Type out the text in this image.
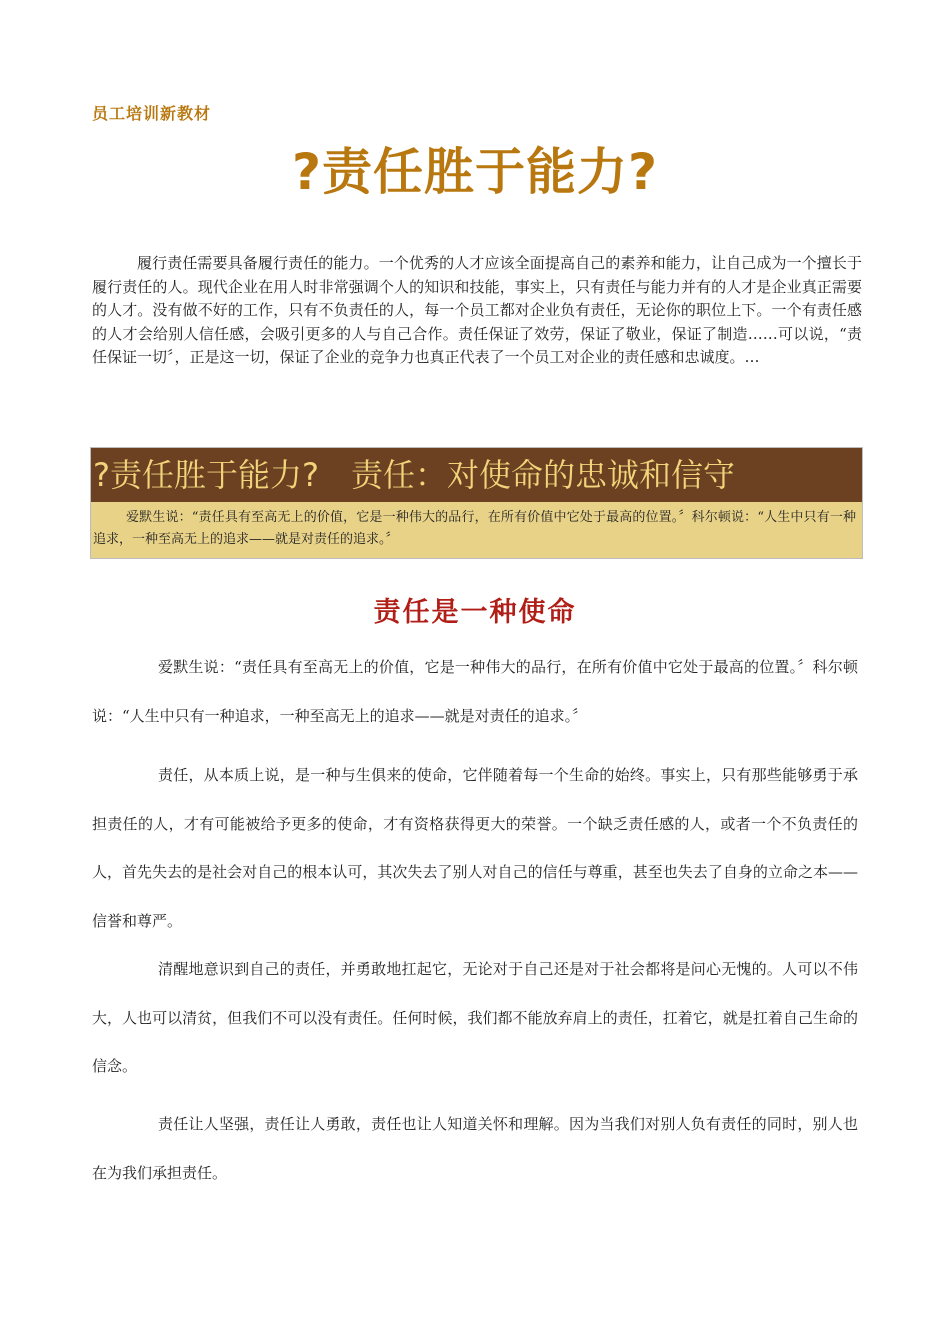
员工培训新教材
?责任胜于能力?

履行责任需要具备履行责任的能力。一个优秀的人才应该全面提高自己的素养和能力，让自己成为一个擅长于履行责任的人。现代企业在用人时非常强调个人的知识和技能，事实上，只有责任与能力并有的人才是企业真正需要的人才。没有做不好的工作，只有不负责任的人，每一个员工都对企业负有责任，无论你的职位上下。一个有责任感的人才会给别人信任感，会吸引更多的人与自己合作。责任保证了效劳，保证了敬业，保证了制造……可以说，“责任保证一切〞，正是这一切，保证了企业的竞争力也真正代表了一个员工对企业的责任感和忠诚度。…

?责任胜于能力?　责任：对使命的忠诚和信守
爱默生说：“责任具有至高无上的价值，它是一种伟大的品行，在所有价值中它处于最高的位置。〞科尔顿说：“人生中只有一种追求，一种至高无上的追求——就是对责任的追求。〞
责任是一种使命

爱默生说：“责任具有至高无上的价值，它是一种伟大的品行，在所有价值中它处于最高的位置。〞科尔顿说：“人生中只有一种追求，一种至高无上的追求——就是对责任的追求。〞

责任，从本质上说，是一种与生俱来的使命，它伴随着每一个生命的始终。事实上，只有那些能够勇于承担责任的人，才有可能被给予更多的使命，才有资格获得更大的荣誉。一个缺乏责任感的人，或者一个不负责任的人，首先失去的是社会对自己的根本认可，其次失去了别人对自己的信任与尊重，甚至也失去了自身的立命之本——信誉和尊严。

清醒地意识到自己的责任，并勇敢地扛起它，无论对于自己还是对于社会都将是问心无愧的。人可以不伟大，人也可以清贫，但我们不可以没有责任。任何时候，我们都不能放弃肩上的责任，扛着它，就是扛着自己生命的信念。

责任让人坚强，责任让人勇敢，责任也让人知道关怀和理解。因为当我们对别人负有责任的同时，别人也在为我们承担责任。
